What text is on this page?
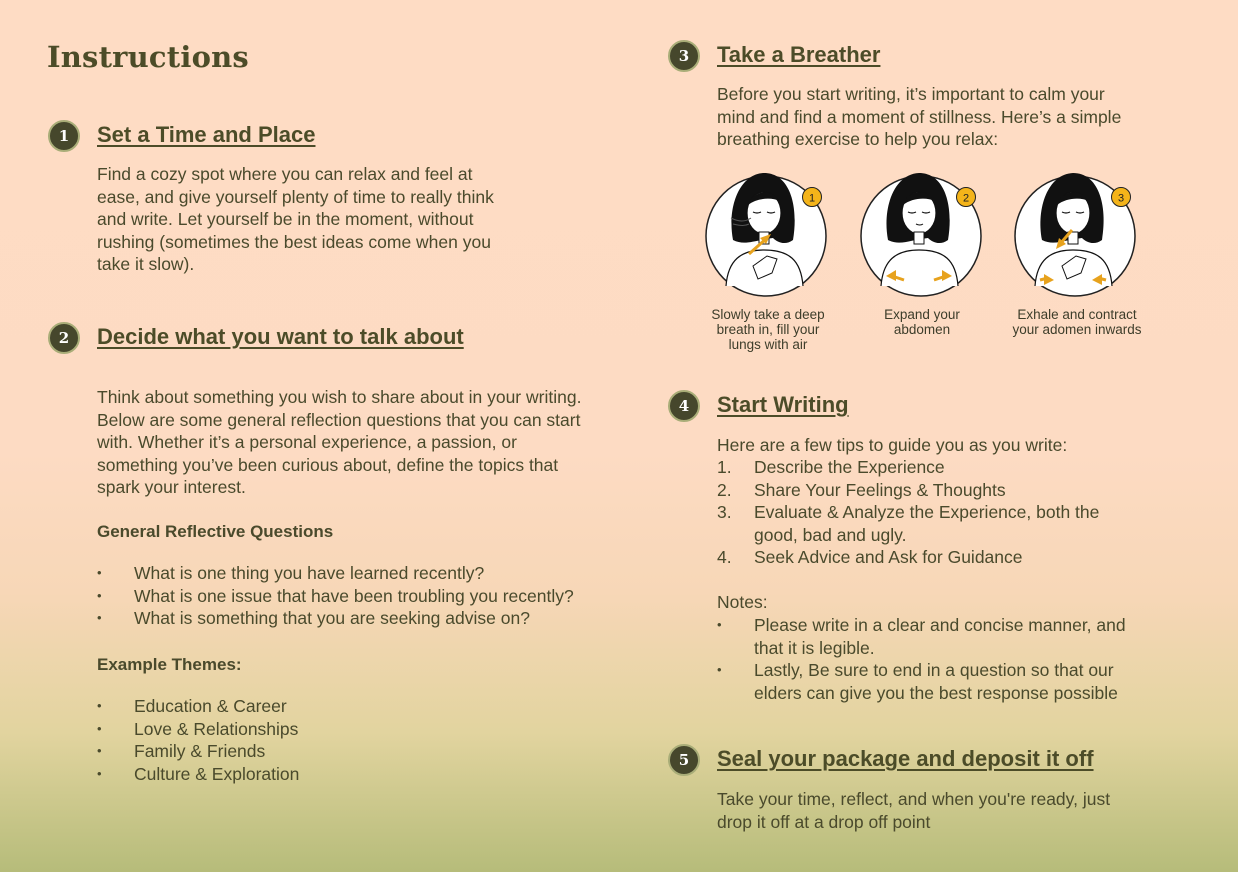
Instructions
1	Set a Time and Place

Find a cozy spot where you can relax and feel at ease, and give yourself plenty of time to really think and write. Let yourself be in the moment, without rushing (sometimes the best ideas come when you take it slow).

2	Decide what you want to talk about

Think about something you wish to share about in your writing. Below are some general reflection questions that you can start with. Whether it’s a personal experience, a passion, or something you’ve been curious about, define the topics that spark your interest.

General Reflective Questions
• What is one thing you have learned recently?
• What is one issue that have been troubling you recently?
• What is something that you are seeking advise on?
Example Themes:
• Education & Career
• Love & Relationships
• Family & Friends
• Culture & Exploration
3	Take a Breather

Before you start writing, it’s important to calm your mind and find a moment of stillness. Here’s a simple breathing exercise to help you relax:

1
Slowly take a deep breath in, fill your lungs with air
2
Expand your abdomen
3
Exhale and contract your adomen inwards
4	Start Writing

Here are a few tips to guide you as you write:

1. Describe the Experience
2. Share Your Feelings & Thoughts
3. Evaluate & Analyze the Experience, both the good, bad and ugly.
4. Seek Advice and Ask for Guidance

Notes:

• Please write in a clear and concise manner, and that it is legible.
• Lastly, Be sure to end in a question so that our elders can give you the best response possible
5	Seal your package and deposit it off

Take your time, reflect, and when you're ready, just drop it off at a drop off point
